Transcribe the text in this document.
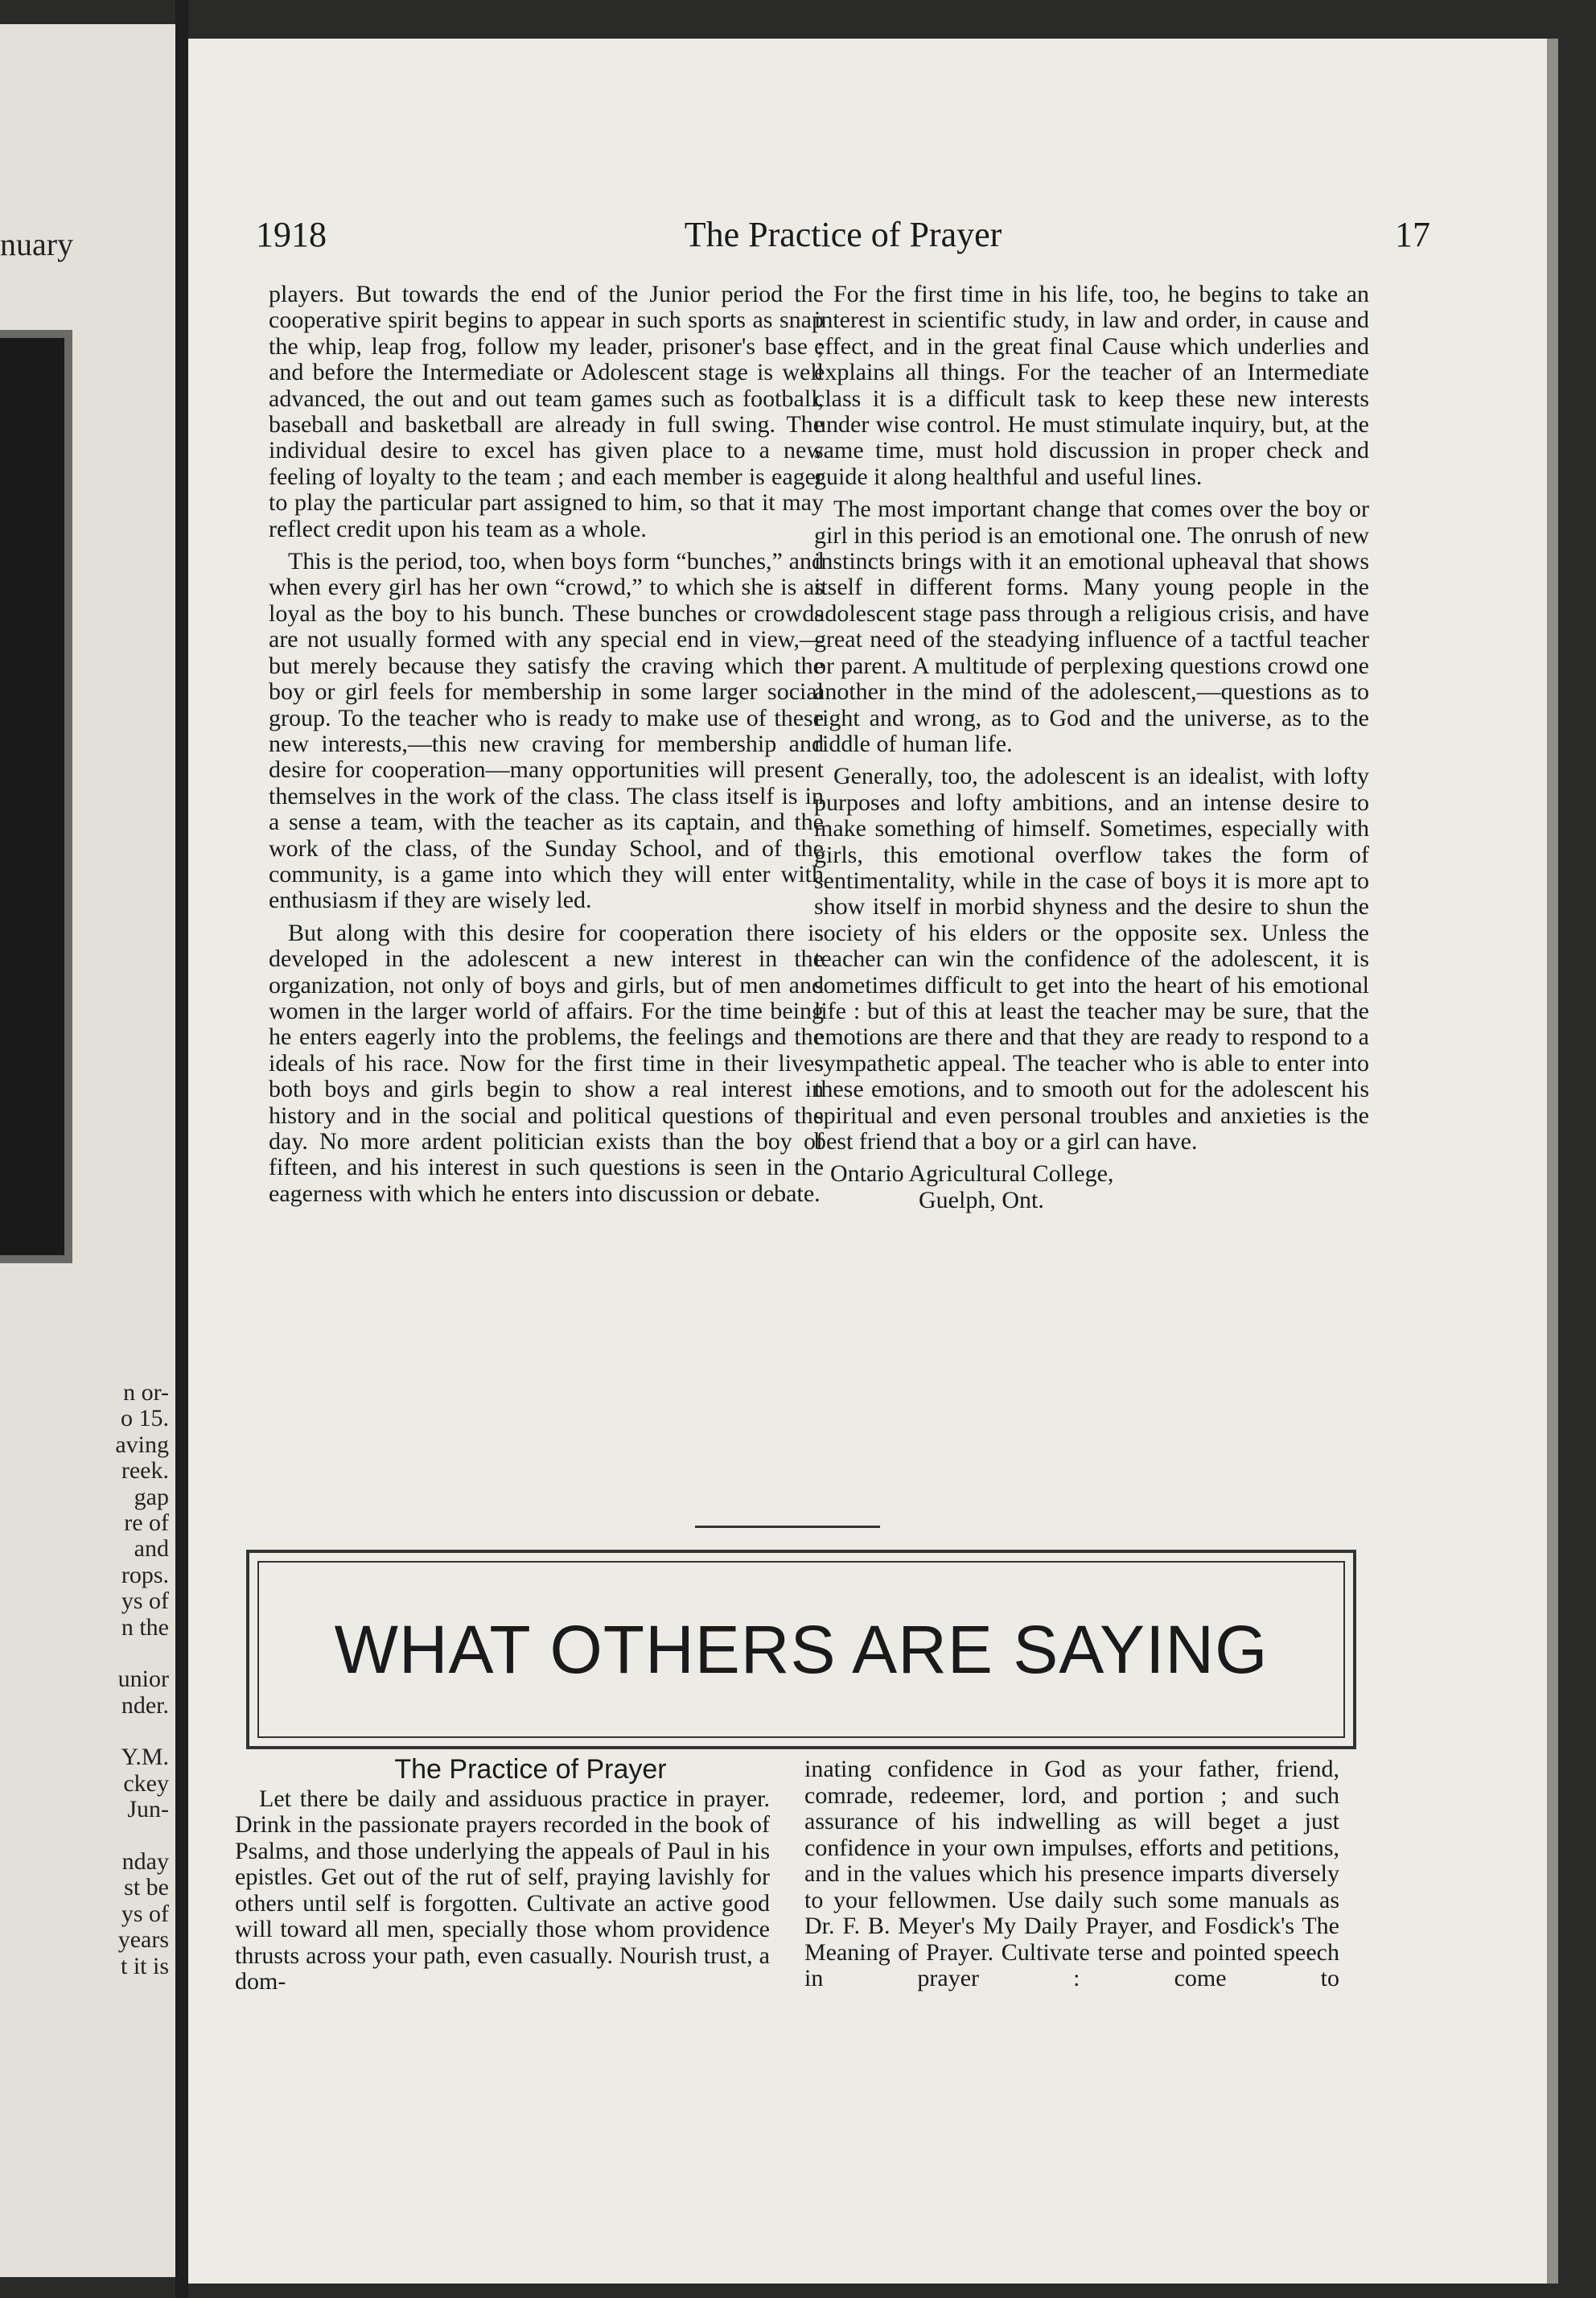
nuary
n or-
o 15.
aving
reek.
gap
re of
and
rops.
ys of
n the
unior
nder.
Y.M.
ckey
Jun-
nday
st be
ys of
years
t it is
1918	The Practice of Prayer	17

players. But towards the end of the Junior period the cooperative spirit begins to appear in such sports as snap the whip, leap frog, follow my leader, prisoner's base ; and before the Intermediate or Adolescent stage is well advanced, the out and out team games such as football, baseball and basketball are already in full swing. The individual desire to excel has given place to a new feeling of loyalty to the team ; and each member is eager to play the particular part assigned to him, so that it may reflect credit upon his team as a whole.

This is the period, too, when boys form “bunches,” and when every girl has her own “crowd,” to which she is as loyal as the boy to his bunch. These bunches or crowds are not usually formed with any special end in view,—but merely because they satisfy the craving which the boy or girl feels for membership in some larger social group. To the teacher who is ready to make use of these new interests,—this new craving for membership and desire for cooperation—many opportunities will present themselves in the work of the class. The class itself is in a sense a team, with the teacher as its captain, and the work of the class, of the Sunday School, and of the community, is a game into which they will enter with enthusiasm if they are wisely led.

But along with this desire for cooperation there is developed in the adolescent a new interest in the organization, not only of boys and girls, but of men and women in the larger world of affairs. For the time being he enters eagerly into the problems, the feelings and the ideals of his race. Now for the first time in their lives both boys and girls begin to show a real interest in history and in the social and political questions of the day. No more ardent politician exists than the boy of fifteen, and his interest in such questions is seen in the eagerness with which he enters into discussion or debate.

For the first time in his life, too, he begins to take an interest in scientific study, in law and order, in cause and effect, and in the great final Cause which underlies and explains all things. For the teacher of an Intermediate class it is a difficult task to keep these new interests under wise control. He must stimulate inquiry, but, at the same time, must hold discussion in proper check and guide it along healthful and useful lines.

The most important change that comes over the boy or girl in this period is an emotional one. The onrush of new instincts brings with it an emotional upheaval that shows itself in different forms. Many young people in the adolescent stage pass through a religious crisis, and have great need of the steadying influence of a tactful teacher or parent. A multitude of perplexing questions crowd one another in the mind of the adolescent,—questions as to right and wrong, as to God and the universe, as to the riddle of human life.

Generally, too, the adolescent is an idealist, with lofty purposes and lofty ambitions, and an intense desire to make something of himself. Sometimes, especially with girls, this emotional overflow takes the form of sentimentality, while in the case of boys it is more apt to show itself in morbid shyness and the desire to shun the society of his elders or the opposite sex. Unless the teacher can win the confidence of the adolescent, it is sometimes difficult to get into the heart of his emotional life : but of this at least the teacher may be sure, that the emotions are there and that they are ready to respond to a sympathetic appeal. The teacher who is able to enter into these emotions, and to smooth out for the adolescent his spiritual and even personal troubles and anxieties is the best friend that a boy or a girl can have.

Ontario Agricultural College,
Guelph, Ont.
WHAT OTHERS ARE SAYING
The Practice of Prayer

Let there be daily and assiduous practice in prayer. Drink in the passionate prayers recorded in the book of Psalms, and those underlying the appeals of Paul in his epistles. Get out of the rut of self, praying lavishly for others until self is forgotten. Cultivate an active good will toward all men, specially those whom providence thrusts across your path, even casually. Nourish trust, a dom-

inating confidence in God as your father, friend, comrade, redeemer, lord, and portion ; and such assurance of his indwelling as will beget a just confidence in your own impulses, efforts and petitions, and in the values which his presence imparts diversely to your fellowmen. Use daily such some manuals as Dr. F. B. Meyer's My Daily Prayer, and Fosdick's The Meaning of Prayer. Cultivate terse and pointed speech in prayer : come to
